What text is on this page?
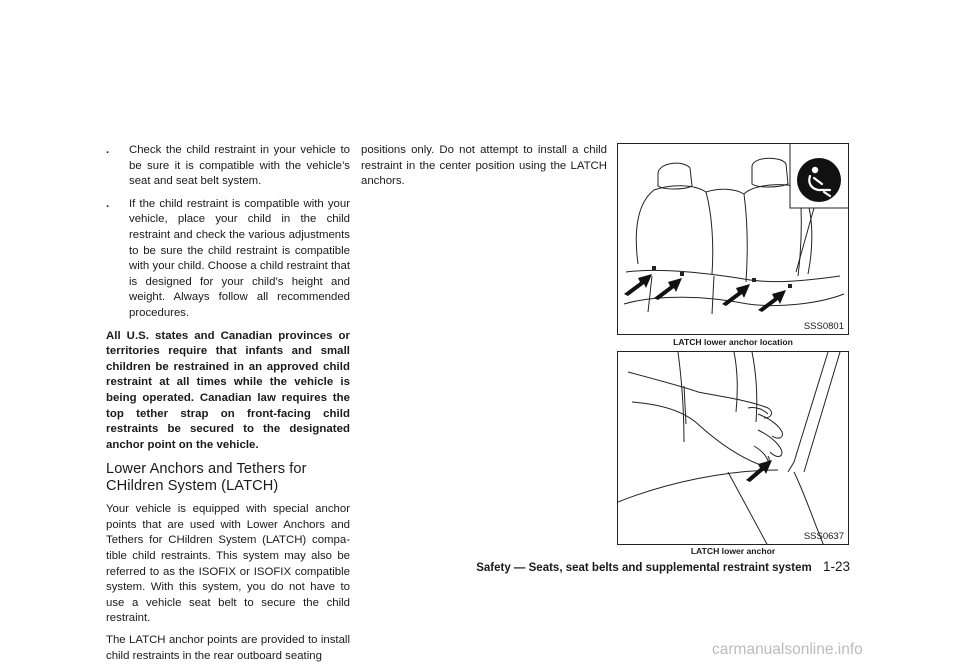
. Check the child restraint in your vehicle to be sure it is compatible with the vehicle’s seat and seat belt system.
. If the child restraint is compatible with your vehicle, place your child in the child restraint and check the various adjustments to be sure the child restraint is compatible with your child. Choose a child restraint that is designed for your child’s height and weight. Always follow all recommended procedures.

All U.S. states and Canadian provinces or territories require that infants and small children be restrained in an approved child restraint at all times while the vehicle is being operated. Canadian law requires the top tether strap on front-facing child restraints be secured to the designated anchor point on the vehicle.

Lower Anchors and Tethers for CHildren System (LATCH)

Your vehicle is equipped with special anchor points that are used with Lower Anchors and Tethers for CHildren System (LATCH) compa-tible child restraints. This system may also be referred to as the ISOFIX or ISOFIX compatible system. With this system, you do not have to use a vehicle seat belt to secure the child restraint.

The LATCH anchor points are provided to install child restraints in the rear outboard seating

positions only. Do not attempt to install a child restraint in the center position using the LATCH anchors.

SSS0801
LATCH lower anchor location
SSS0637
LATCH lower anchor
Safety — Seats, seat belts and supplemental restraint system 1-23
carmanualsonline.info
